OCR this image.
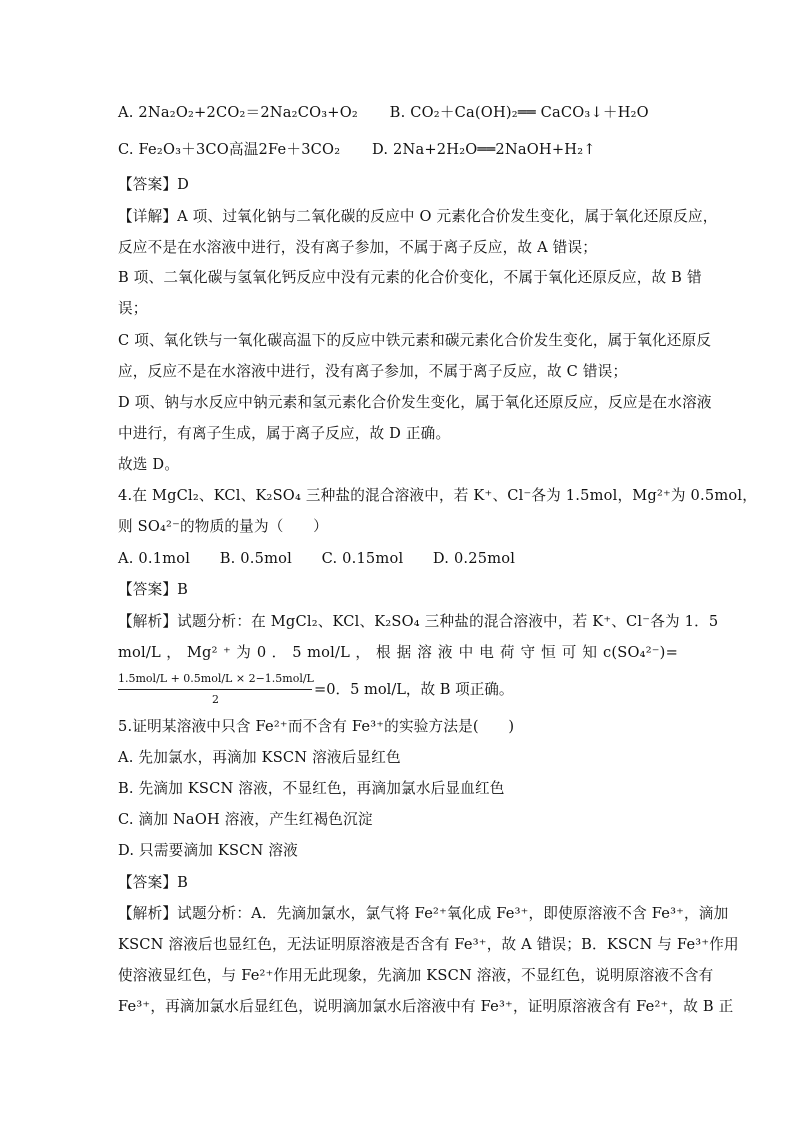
A. 2Na₂O₂+2CO₂＝2Na₂CO₃+O₂ B. CO₂＋Ca(OH)₂══ CaCO₃↓＋H₂O
C. Fe₂O₃＋3CO高温2Fe＋3CO₂ D. 2Na+2H₂O══2NaOH+H₂↑
【答案】D
【详解】A 项、过氧化钠与二氧化碳的反应中 O 元素化合价发生变化，属于氧化还原反应，
反应不是在水溶液中进行，没有离子参加，不属于离子反应，故 A 错误；
B 项、二氧化碳与氢氧化钙反应中没有元素的化合价变化，不属于氧化还原反应，故 B 错
误；
C 项、氧化铁与一氧化碳高温下的反应中铁元素和碳元素化合价发生变化，属于氧化还原反
应，反应不是在水溶液中进行，没有离子参加，不属于离子反应，故 C 错误；
D 项、钠与水反应中钠元素和氢元素化合价发生变化，属于氧化还原反应，反应是在水溶液
中进行，有离子生成，属于离子反应，故 D 正确。
故选 D。
4.在 MgCl₂、KCl、K₂SO₄ 三种盐的混合溶液中，若 K⁺、Cl⁻各为 1.5mol，Mg²⁺为 0.5mol，
则 SO₄²⁻的物质的量为（　　）
A. 0.1mol　　B. 0.5mol　　C. 0.15mol　　D. 0.25mol
【答案】B
【解析】试题分析：在 MgCl₂、KCl、K₂SO₄ 三种盐的混合溶液中，若 K⁺、Cl⁻各为 1．5
mol/L ， Mg² ⁺ 为 0 ． 5 mol/L ， 根 据 溶 液 中 电 荷 守 恒 可 知 c(SO₄²⁻)=
1.5mol/L + 0.5mol/L × 2−1.5mol/L
2
=0．5 mol/L，故 B 项正确。
5.证明某溶液中只含 Fe²⁺而不含有 Fe³⁺的实验方法是(　　)
A. 先加氯水，再滴加 KSCN 溶液后显红色
B. 先滴加 KSCN 溶液，不显红色，再滴加氯水后显血红色
C. 滴加 NaOH 溶液，产生红褐色沉淀
D. 只需要滴加 KSCN 溶液
【答案】B
【解析】试题分析：A．先滴加氯水，氯气将 Fe²⁺氧化成 Fe³⁺，即使原溶液不含 Fe³⁺，滴加
KSCN 溶液后也显红色，无法证明原溶液是否含有 Fe³⁺，故 A 错误；B．KSCN 与 Fe³⁺作用
使溶液显红色，与 Fe²⁺作用无此现象，先滴加 KSCN 溶液，不显红色，说明原溶液不含有
Fe³⁺，再滴加氯水后显红色，说明滴加氯水后溶液中有 Fe³⁺，证明原溶液含有 Fe²⁺，故 B 正
